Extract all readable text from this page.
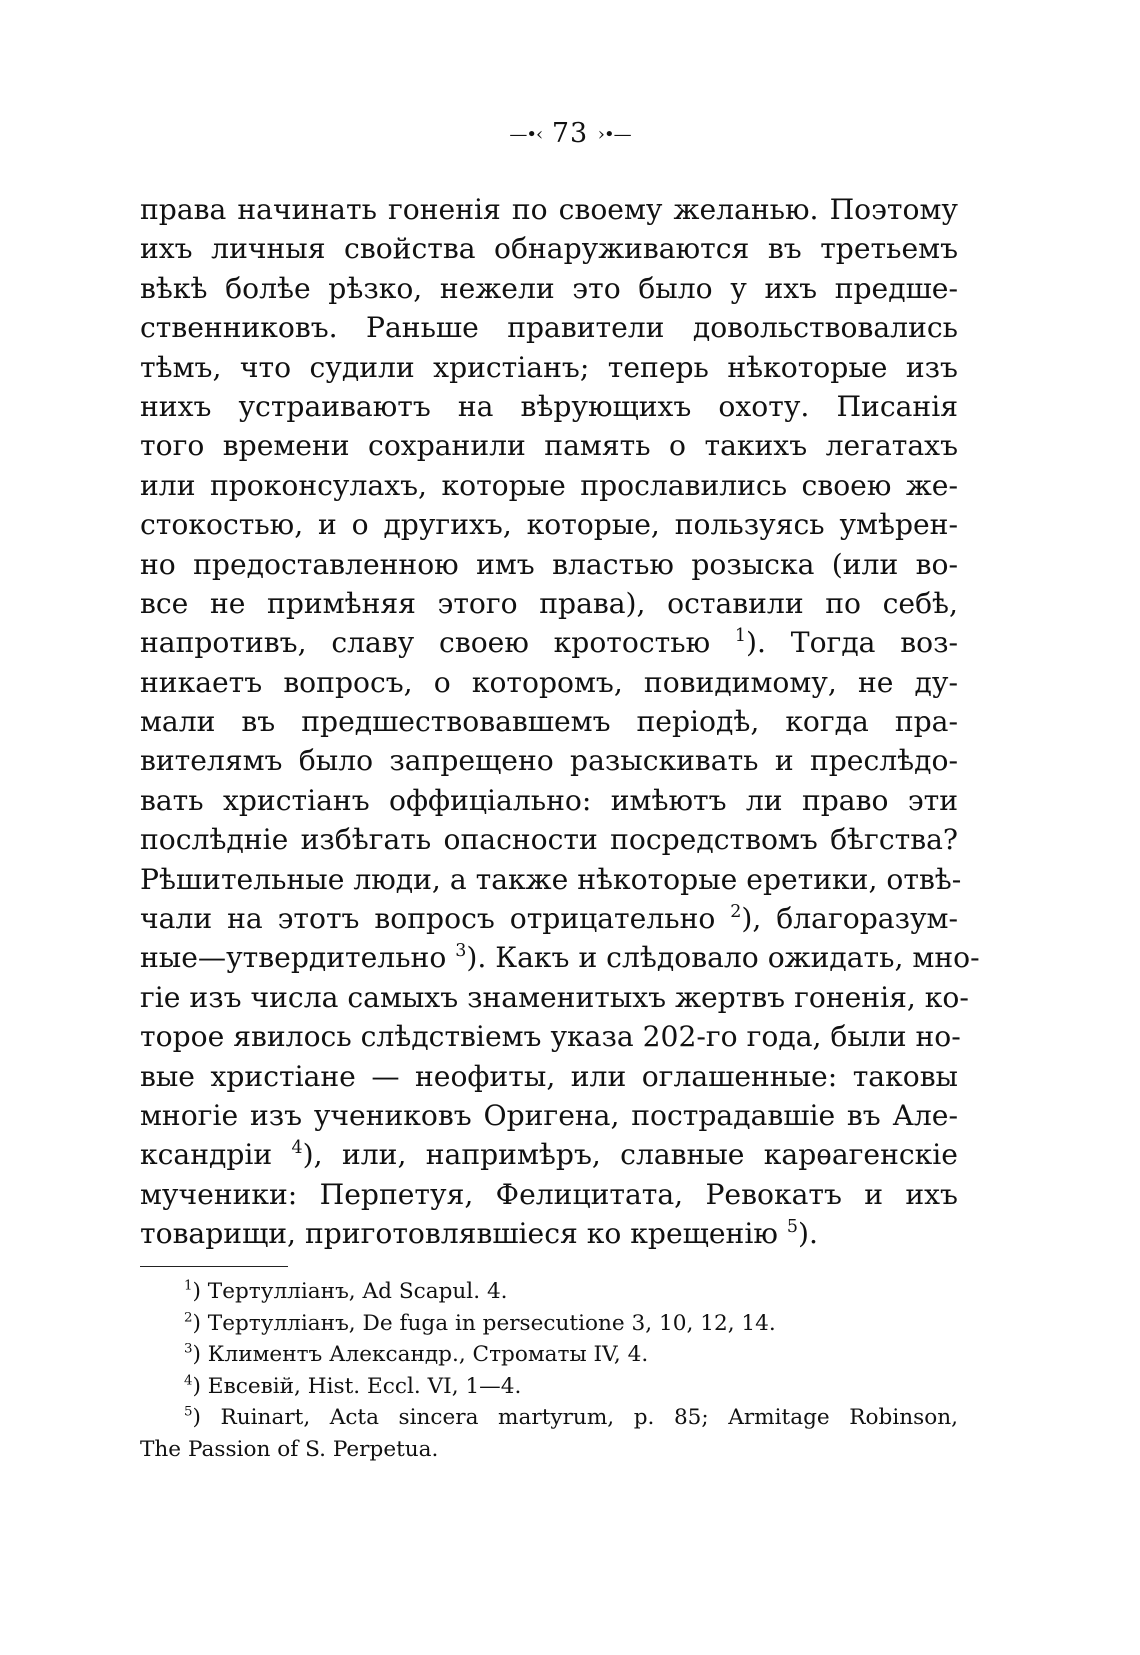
—•‹ 73 ›•—
права начинать гоненія по своему желанью. Поэтому
ихъ личныя свойства обнаруживаются въ третьемъ
вѣкѣ болѣе рѣзко, нежели это было у ихъ предше-
ственниковъ. Раньше правители довольствовались
тѣмъ, что судили христіанъ; теперь нѣкоторые изъ
нихъ устраиваютъ на вѣрующихъ охоту. Писанія
того времени сохранили память о такихъ легатахъ
или проконсулахъ, которые прославились своею же-
стокостью, и о другихъ, которые, пользуясь умѣрен-
но предоставленною имъ властью розыска (или во-
все не примѣняя этого права), оставили по себѣ,
напротивъ, славу своею кротостью $^1$). Тогда воз-
никаетъ вопросъ, о которомъ, повидимому, не ду-
мали въ предшествовавшемъ періодѣ, когда пра-
вителямъ было запрещено разыскивать и преслѣдо-
вать христіанъ оффиціально: имѣютъ ли право эти
послѣдніе избѣгать опасности посредствомъ бѣгства?
Рѣшительные люди, а также нѣкоторые еретики, отвѣ-
чали на этотъ вопросъ отрицательно $^2$), благоразум-
ные—утвердительно $^3$). Какъ и слѣдовало ожидать, мно-
гіе изъ числа самыхъ знаменитыхъ жертвъ гоненія, ко-
торое явилось слѣдствіемъ указа 202-го года, были но-
вые христіане — неофиты, или оглашенные: таковы
многіе изъ учениковъ Оригена, пострадавшіе въ Але-
ксандріи $^4$), или, напримѣръ, славные карѳагенскіе
мученики: Перпетуя, Фелицитата, Ревокатъ и ихъ
товарищи, приготовлявшіеся ко крещенію $^5$).
$^1$) Тертулліанъ, Ad Scapul. 4.
$^2$) Тертулліанъ, De fuga in persecutione 3, 10, 12, 14.
$^3$) Климентъ Александр., Строматы IV, 4.
$^4$) Евсевій, Hist. Eccl. VI, 1—4.
$^5$) Ruinart, Acta sincera martyrum, p. 85; Armitage Robinson,
The Passion of S. Perpetua.
